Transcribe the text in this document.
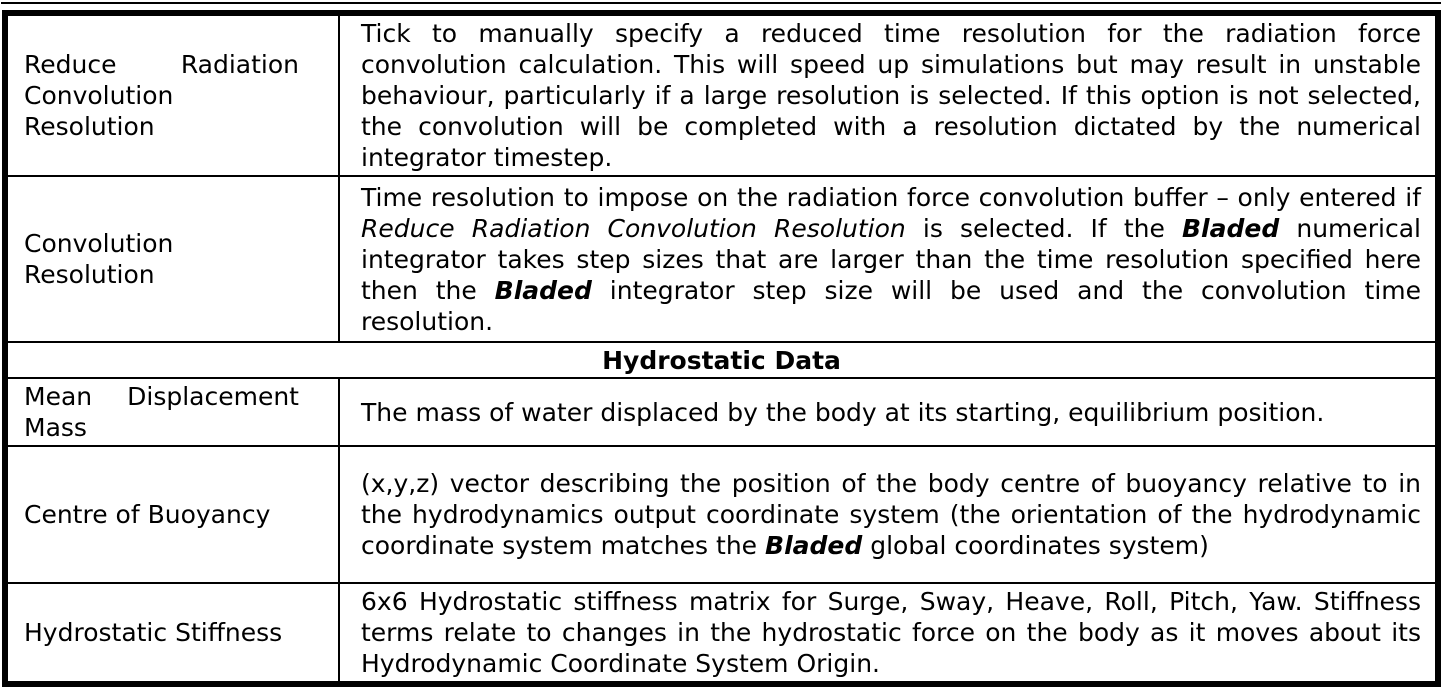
Reduce Radiation Convolution Resolution	Tick to manually specify a reduced time resolution for the radiation force convolution calculation. This will speed up simulations but may result in unstable behaviour, particularly if a large resolution is selected. If this option is not selected, the convolution will be completed with a resolution dictated by the numerical integrator timestep.

Convolution Resolution	Time resolution to impose on the radiation force convolution buffer – only entered if Reduce Radiation Convolution Resolution is selected. If the Bladed numerical integrator takes step sizes that are larger than the time resolution specified here then the Bladed integrator step size will be used and the convolution time resolution.
Hydrostatic Data	

Mean Displacement Mass	The mass of water displaced by the body at its starting, equilibrium position.

Centre of Buoyancy	(x,y,z) vector describing the position of the body centre of buoyancy relative to in the hydrodynamics output coordinate system (the orientation of the hydrodynamic coordinate system matches the Bladed global coordinates system)

Hydrostatic Stiffness	6x6 Hydrostatic stiffness matrix for Surge, Sway, Heave, Roll, Pitch, Yaw. Stiffness terms relate to changes in the hydrostatic force on the body as it moves about its Hydrodynamic Coordinate System Origin.
